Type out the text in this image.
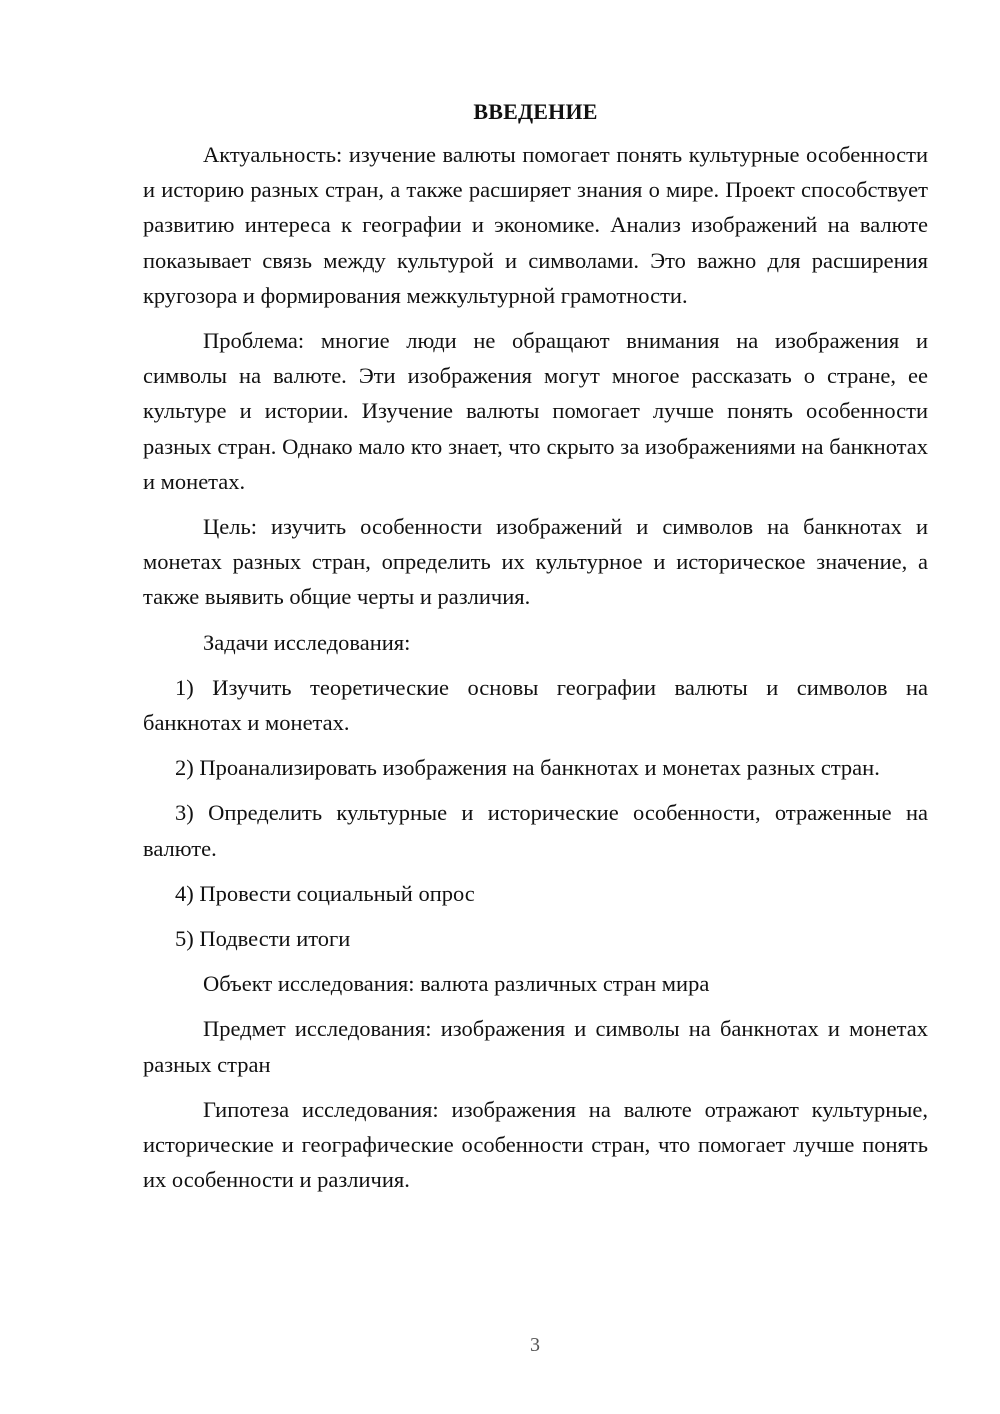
ВВЕДЕНИЕ

Актуальность: изучение валюты помогает понять культурные особенности и историю разных стран, а также расширяет знания о мире. Проект способствует развитию интереса к географии и экономике. Анализ изображений на валюте показывает связь между культурой и символами. Это важно для расширения кругозора и формирования межкультурной грамотности.

Проблема: многие люди не обращают внимания на изображения и символы на валюте. Эти изображения могут многое рассказать о стране, ее культуре и истории. Изучение валюты помогает лучше понять особенности разных стран. Однако мало кто знает, что скрыто за изображениями на банкнотах и монетах.

Цель: изучить особенности изображений и символов на банкнотах и монетах разных стран, определить их культурное и историческое значение, а также выявить общие черты и различия.

Задачи исследования:

1) Изучить теоретические основы географии валюты и символов на банкнотах и монетах.

2) Проанализировать изображения на банкнотах и монетах разных стран.

3) Определить культурные и исторические особенности, отраженные на валюте.

4) Провести социальный опрос

5) Подвести итоги

Объект исследования: валюта различных стран мира

Предмет исследования: изображения и символы на банкнотах и монетах разных стран

Гипотеза исследования: изображения на валюте отражают культурные, исторические и географические особенности стран, что помогает лучше понять их особенности и различия.

3
